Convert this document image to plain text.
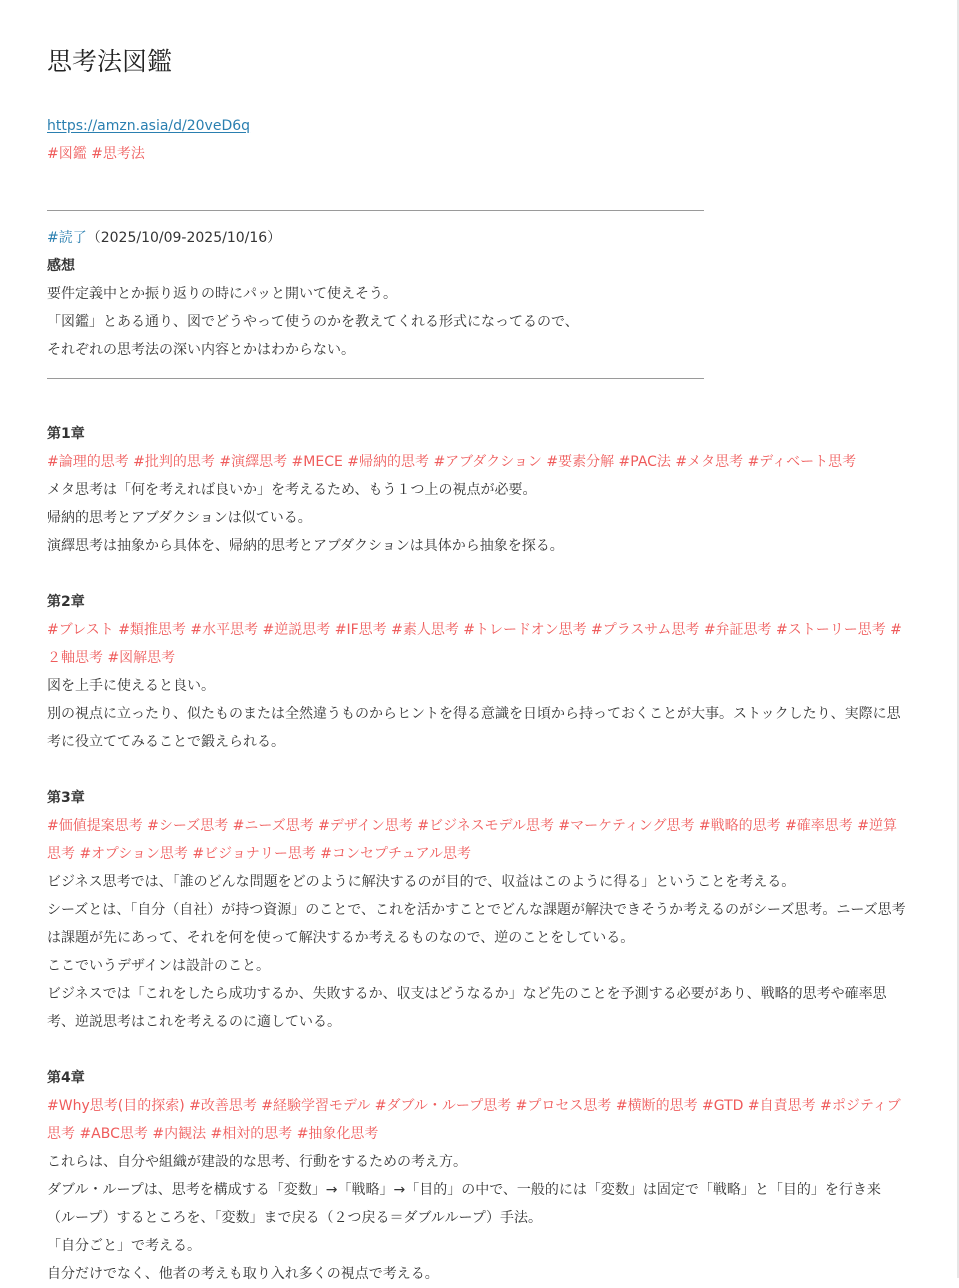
思考法図鑑
https://amzn.asia/d/20veD6q
#図鑑 #思考法
#読了（2025/10/09-2025/10/16）
感想
要件定義中とか振り返りの時にパッと開いて使えそう。
「図鑑」とある通り、図でどうやって使うのかを教えてくれる形式になってるので、
それぞれの思考法の深い内容とかはわからない。
第1章
#論理的思考 #批判的思考 #演繹思考 #MECE #帰納的思考 #アブダクション #要素分解 #PAC法 #メタ思考 #ディベート思考
メタ思考は「何を考えれば良いか」を考えるため、もう１つ上の視点が必要。
帰納的思考とアブダクションは似ている。
演繹思考は抽象から具体を、帰納的思考とアブダクションは具体から抽象を探る。
第2章
#ブレスト #類推思考 #水平思考 #逆説思考 #IF思考 #素人思考 #トレードオン思考 #プラスサム思考 #弁証思考 #ストーリー思考 #２軸思考 #図解思考
図を上手に使えると良い。
別の視点に立ったり、似たものまたは全然違うものからヒントを得る意識を日頃から持っておくことが大事。ストックしたり、実際に思考に役立ててみることで鍛えられる。
第3章
#価値提案思考 #シーズ思考 #ニーズ思考 #デザイン思考 #ビジネスモデル思考 #マーケティング思考 #戦略的思考 #確率思考 #逆算思考 #オプション思考 #ビジョナリー思考 #コンセプチュアル思考
ビジネス思考では、「誰のどんな問題をどのように解決するのが目的で、収益はこのように得る」ということを考える。
シーズとは、「自分（自社）が持つ資源」のことで、これを活かすことでどんな課題が解決できそうか考えるのがシーズ思考。ニーズ思考は課題が先にあって、それを何を使って解決するか考えるものなので、逆のことをしている。
ここでいうデザインは設計のこと。
ビジネスでは「これをしたら成功するか、失敗するか、収支はどうなるか」など先のことを予測する必要があり、戦略的思考や確率思考、逆説思考はこれを考えるのに適している。
第4章
#Why思考(目的探索) #改善思考 #経験学習モデル #ダブル・ループ思考 #プロセス思考 #横断的思考 #GTD #自責思考 #ポジティブ思考 #ABC思考 #内観法 #相対的思考 #抽象化思考
これらは、自分や組織が建設的な思考、行動をするための考え方。
ダブル・ループは、思考を構成する「変数」→「戦略」→「目的」の中で、一般的には「変数」は固定で「戦略」と「目的」を行き来（ループ）するところを、「変数」まで戻る（２つ戻る＝ダブルループ）手法。
「自分ごと」で考える。
自分だけでなく、他者の考えも取り入れ多くの視点で考える。
